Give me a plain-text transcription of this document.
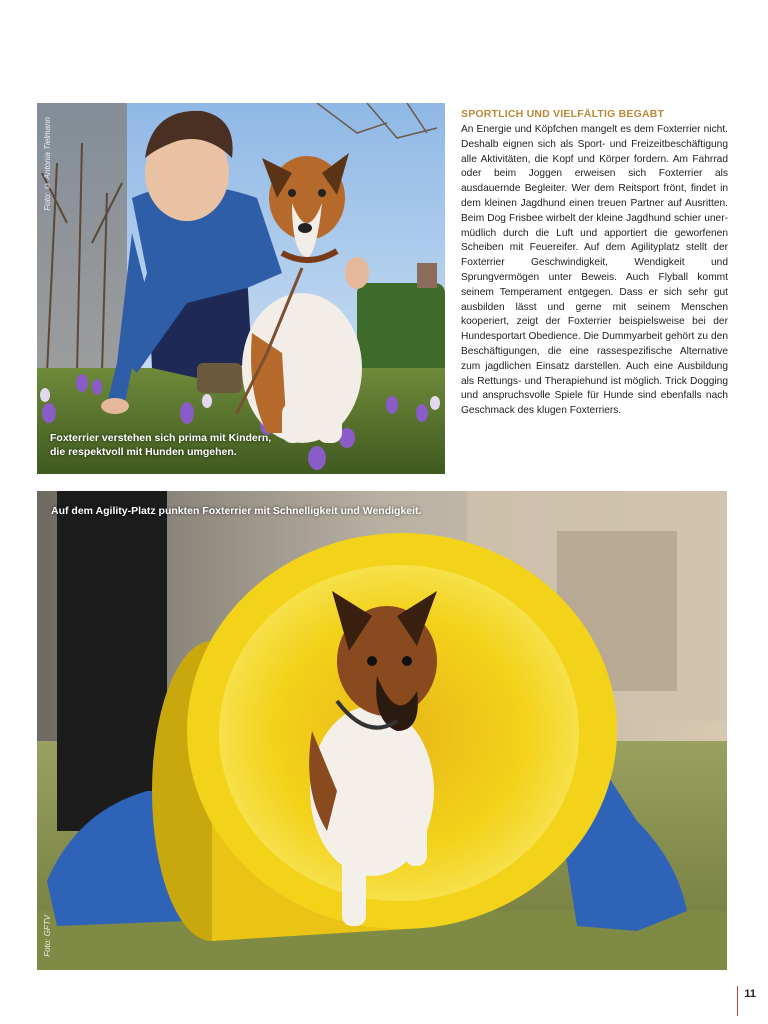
Foto: © Antonia Tielmann
Foxterrier verstehen sich prima mit Kindern,
die respektvoll mit Hunden umgehen.
SPORTLICH UND VIELFÄLTIG BEGABT

An Energie und Köpfchen mangelt es dem Foxterrier nicht. Deshalb eignen sich als Sport- und Freizeitbeschäftigung alle Aktivitäten, die Kopf und Körper fordern. Am Fahrrad oder beim Joggen erweisen sich Foxterrier als ausdauernde Begleiter. Wer dem Reitsport frönt, findet in dem kleinen Jagdhund einen treuen Partner auf Ausritten. Beim Dog Frisbee wirbelt der kleine Jagdhund schier unermüdlich durch die Luft und apportiert die geworfenen Scheiben mit Feuereifer. Auf dem Agilityplatz stellt der Foxterrier Geschwindigkeit, Wendigkeit und Sprungvermögen unter Beweis. Auch Flyball kommt seinem Temperament entgegen. Dass er sich sehr gut ausbilden lässt und gerne mit seinem Menschen kooperiert, zeigt der Foxterrier beispielsweise bei der Hundesportart Obedience. Die Dummyarbeit gehört zu den Beschäftigungen, die eine rassespezifische Alternative zum jagdlichen Einsatz darstellen. Auch eine Ausbildung als Rettungs- und Therapiehund ist möglich. Trick Dogging und anspruchsvolle Spiele für Hunde sind ebenfalls nach Geschmack des klugen Foxterriers.

Auf dem Agility-Platz punkten Foxterrier mit Schnelligkeit und Wendigkeit.
Foto: GFTV
11
